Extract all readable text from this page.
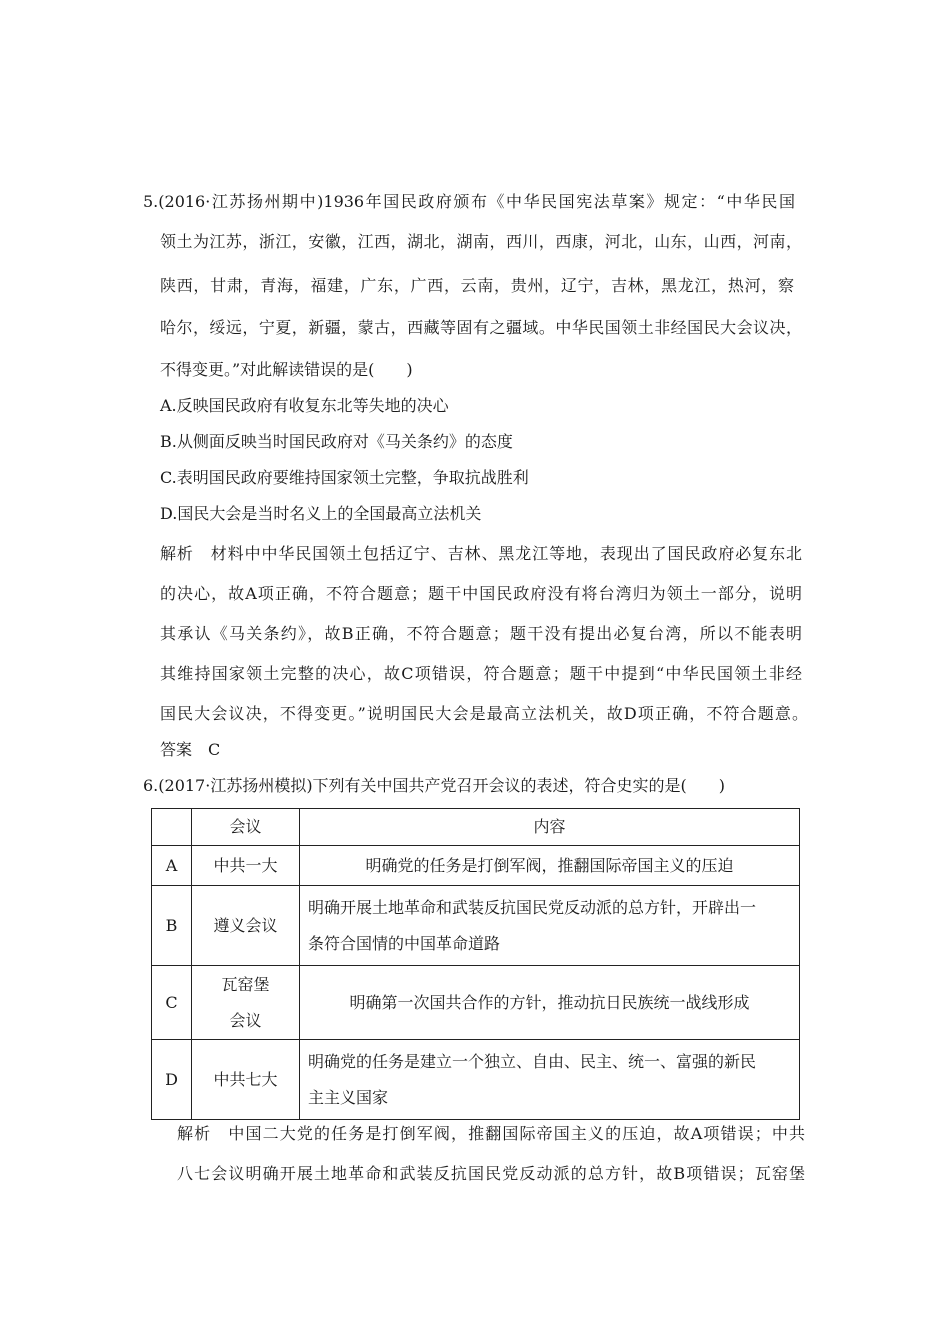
5.(2016·江苏扬州期中)1936年国民政府颁布《中华民国宪法草案》规定：“中华民国
领土为江苏，浙江，安徽，江西，湖北，湖南，西川，西康，河北，山东，山西，河南，
陕西，甘肃，青海，福建，广东，广西，云南，贵州，辽宁，吉林，黑龙江，热河，察
哈尔，绥远，宁夏，新疆，蒙古，西藏等固有之疆域。中华民国领土非经国民大会议决，
不得变更。”对此解读错误的是(　　)
A.反映国民政府有收复东北等失地的决心
B.从侧面反映当时国民政府对《马关条约》的态度
C.表明国民政府要维持国家领土完整，争取抗战胜利
D.国民大会是当时名义上的全国最高立法机关
解析　材料中中华民国领土包括辽宁、吉林、黑龙江等地，表现出了国民政府必复东北
的决心，故A项正确，不符合题意；题干中国民政府没有将台湾归为领土一部分，说明
其承认《马关条约》，故B正确，不符合题意；题干没有提出必复台湾，所以不能表明
其维持国家领土完整的决心，故C项错误，符合题意；题干中提到“中华民国领土非经
国民大会议决，不得变更。”说明国民大会是最高立法机关，故D项正确，不符合题意。
答案　C
6.(2017·江苏扬州模拟)下列有关中国共产党召开会议的表述，符合史实的是(　　)
	会议	内容
A	中共一大	明确党的任务是打倒军阀，推翻国际帝国主义的压迫
B	遵义会议	明确开展土地革命和武装反抗国民党反动派的总方针，开辟出一
条符合国情的中国革命道路

C	瓦窑堡
会议	明确第一次国共合作的方针，推动抗日民族统一战线形成
D	中共七大	明确党的任务是建立一个独立、自由、民主、统一、富强的新民
主主义国家
解析　中国二大党的任务是打倒军阀，推翻国际帝国主义的压迫，故A项错误；中共
八七会议明确开展土地革命和武装反抗国民党反动派的总方针，故B项错误；瓦窑堡
